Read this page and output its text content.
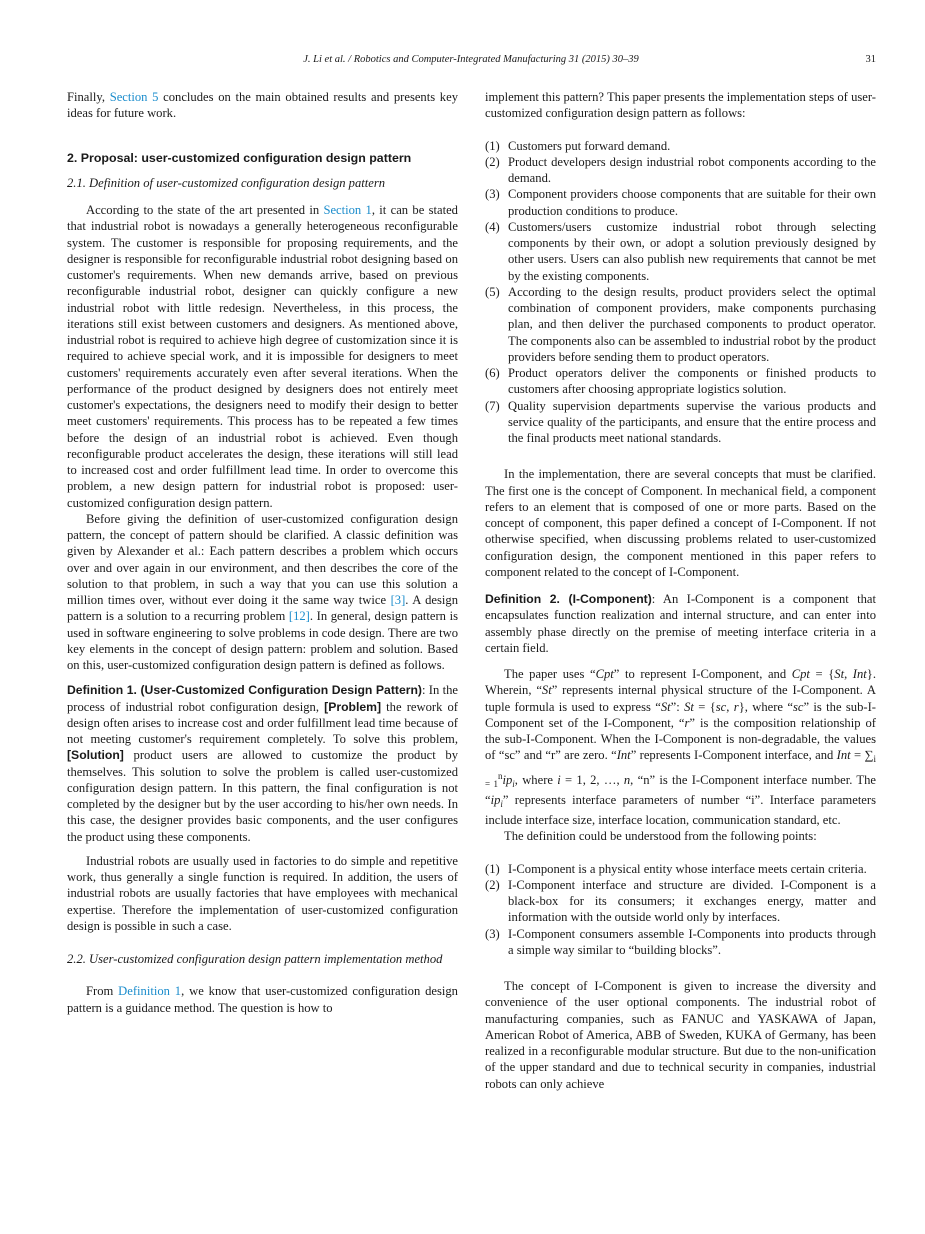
J. Li et al. / Robotics and Computer-Integrated Manufacturing 31 (2015) 30–39	31

Finally, Section 5 concludes on the main obtained results and presents key ideas for future work.

2. Proposal: user-customized configuration design pattern

2.1. Definition of user-customized configuration design pattern

According to the state of the art presented in Section 1, it can be stated that industrial robot is nowadays a generally heterogeneous reconfigurable system. The customer is responsible for proposing requirements, and the designer is responsible for reconfigurable industrial robot designing based on customer's requirements. When new demands arrive, based on previous reconfigurable industrial robot, designer can quickly configure a new industrial robot with little redesign. Nevertheless, in this process, the iterations still exist between customers and designers. As mentioned above, industrial robot is required to achieve high degree of customization since it is required to achieve special work, and it is impossible for designers to meet customers' requirements accurately even after several iterations. When the performance of the product designed by designers does not entirely meet customer's expectations, the designers need to modify their design to better meet customers' requirements. This process has to be repeated a few times before the design of an industrial robot is achieved. Even though reconfigurable product accelerates the design, these iterations will still lead to increased cost and order fulfillment lead time. In order to overcome this problem, a new design pattern for industrial robot is proposed: user-customized configuration design pattern.

Before giving the definition of user-customized configuration design pattern, the concept of pattern should be clarified. A classic definition was given by Alexander et al.: Each pattern describes a problem which occurs over and over again in our environment, and then describes the core of the solution to that problem, in such a way that you can use this solution a million times over, without ever doing it the same way twice [3]. A design pattern is a solution to a recurring problem [12]. In general, design pattern is used in software engineering to solve problems in code design. There are two key elements in the concept of design pattern: problem and solution. Based on this, user-customized configuration design pattern is defined as follows.

Definition 1. (User-Customized Configuration Design Pattern): In the process of industrial robot configuration design, [Problem] the rework of design often arises to increase cost and order fulfillment lead time because of not meeting customer's requirement completely. To solve this problem, [Solution] product users are allowed to customize the product by themselves. This solution to solve the problem is called user-customized configuration design pattern. In this pattern, the final configuration is not completed by the designer but by the user according to his/her own needs. In this case, the designer provides basic components, and the user configures the product using these components.

Industrial robots are usually used in factories to do simple and repetitive work, thus generally a single function is required. In addition, the users of industrial robots are usually factories that have employees with mechanical expertise. Therefore the implementation of user-customized configuration design is possible in such a case.

2.2. User-customized configuration design pattern implementation method

From Definition 1, we know that user-customized configuration design pattern is a guidance method. The question is how to

implement this pattern? This paper presents the implementation steps of user-customized configuration design pattern as follows:

(1) Customers put forward demand.
(2) Product developers design industrial robot components according to the demand.
(3) Component providers choose components that are suitable for their own production conditions to produce.
(4) Customers/users customize industrial robot through selecting components by their own, or adopt a solution previously designed by other users. Users can also publish new requirements that cannot be met by the existing components.
(5) According to the design results, product providers select the optimal combination of component providers, make components purchasing plan, and then deliver the purchased components to product operator. The components also can be assembled to industrial robot by the product providers before sending them to product operators.
(6) Product operators deliver the components or finished products to customers after choosing appropriate logistics solution.
(7) Quality supervision departments supervise the various products and service quality of the participants, and ensure that the entire process and the final products meet national standards.

In the implementation, there are several concepts that must be clarified. The first one is the concept of Component. In mechanical field, a component refers to an element that is composed of one or more parts. Based on the concept of component, this paper defined a concept of I-Component. If not otherwise specified, when discussing problems related to user-customized configuration design, the component mentioned in this paper refers to component related to the concept of I-Component.

Definition 2. (I-Component): An I-Component is a component that encapsulates function realization and internal structure, and can enter into assembly phase directly on the premise of meeting interface criteria in a certain field.

The paper uses “Cpt” to represent I-Component, and Cpt = {St, Int}. Wherein, “St” represents internal physical structure of the I-Component. A tuple formula is used to express “St”: St = {sc, r}, where “sc” is the sub-I-Component set of the I-Component, “r” is the composition relationship of the sub-I-Component. When the I-Component is non-degradable, the values of “sc” and “r” are zero. “Int” represents I-Component interface, and Int = $\sum_{i = 1}^nip_i$, where i = 1, 2, …, n, “n” is the I-Component interface number. The “$ip_i$” represents interface parameters of number “i”. Interface parameters include interface size, interface location, communication standard, etc.

The definition could be understood from the following points:

(1) I-Component is a physical entity whose interface meets certain criteria.
(2) I-Component interface and structure are divided. I-Component is a black-box for its consumers; it exchanges energy, matter and information with the outside world only by interfaces.
(3) I-Component consumers assemble I-Components into products through a simple way similar to “building blocks”.

The concept of I-Component is given to increase the diversity and convenience of the user optional components. The industrial robot of manufacturing companies, such as FANUC and YASKAWA of Japan, American Robot of America, ABB of Sweden, KUKA of Germany, has been realized in a reconfigurable modular structure. But due to the non-unification of the upper standard and due to technical security in companies, industrial robots can only achieve
